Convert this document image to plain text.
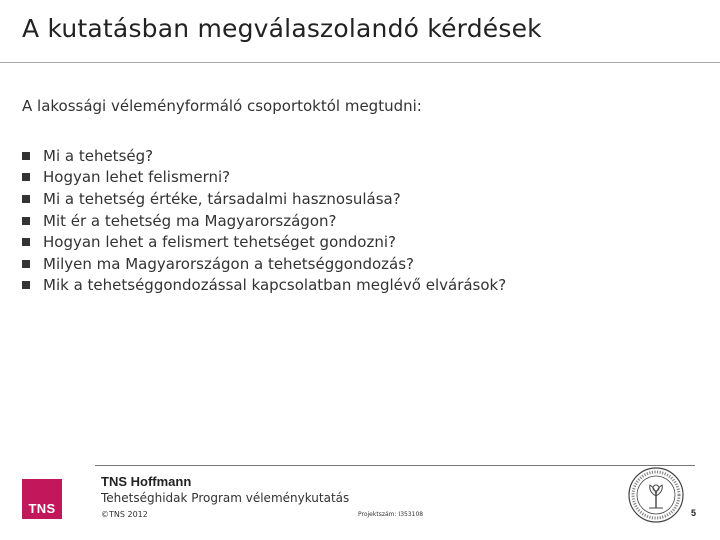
A kutatásban megválaszolandó kérdések
A lakossági véleményformáló csoportoktól megtudni:
Mi a tehetség?
Hogyan lehet felismerni?
Mi a tehetség értéke, társadalmi hasznosulása?
Mit ér a tehetség ma Magyarországon?
Hogyan lehet a felismert tehetséget gondozni?
Milyen ma Magyarországon a tehetséggondozás?
Mik a tehetséggondozással kapcsolatban meglévő elvárások?
TNS
TNS Hoffmann
Tehetséghidak Program véleménykutatás
©TNS 2012	Projektszám: I353108	5
